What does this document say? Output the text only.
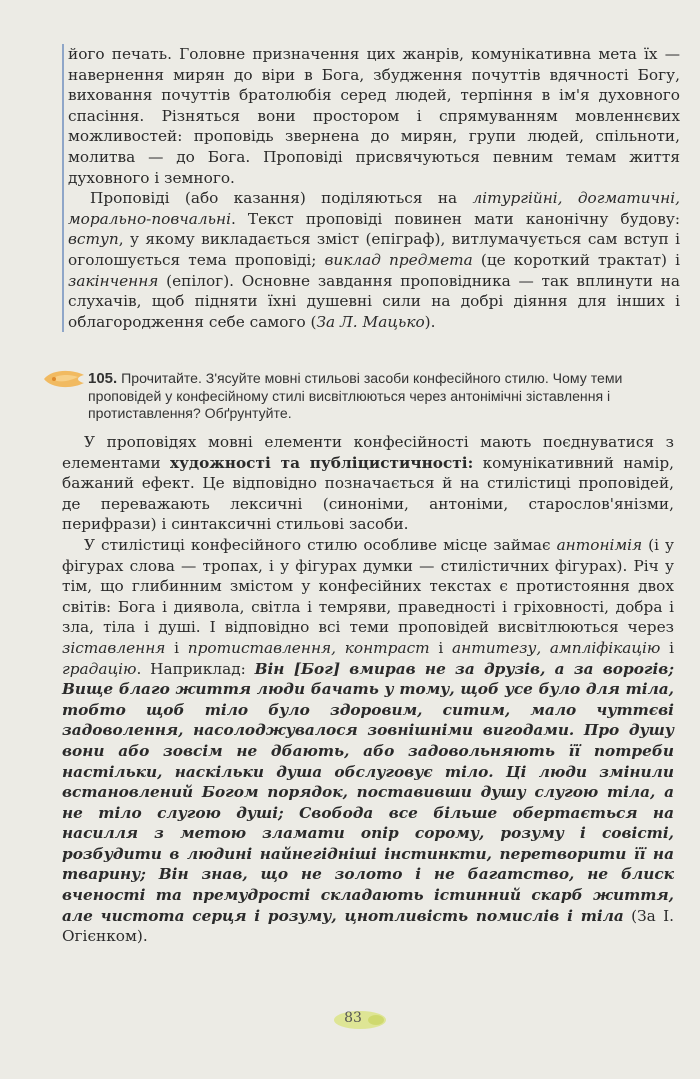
його печать. Головне призначення цих жанрів, комунікативна мета їх — навернення мирян до віри в Бога, збудження почуттів вдячності Богу, виховання почуттів братолюбія серед людей, терпіння в ім'я духовного спасіння. Різняться вони простором і спрямуванням мовленнєвих можливостей: проповідь звернена до мирян, групи людей, спільноти, молитва — до Бога. Проповіді присвячуються певним темам життя духовного і земного.

Проповіді (або казання) поділяються на літургійні, догматичні, морально-повчальні. Текст проповіді повинен мати канонічну будову: вступ, у якому викладається зміст (епіграф), витлумачується сам вступ і оголошується тема проповіді; виклад предмета (це короткий трактат) і закінчення (епілог). Основне завдання проповідника — так вплинути на слухачів, щоб підняти їхні душевні сили на добрі діяння для інших і облагородження себе самого (За Л. Мацько).

105. Прочитайте. З'ясуйте мовні стильові засоби конфесійного стилю. Чому теми проповідей у конфесійному стилі висвітлюються через антонімічні зіставлення і протиставлення? Обґрунтуйте.

У проповідях мовні елементи конфесійності мають поєднуватися з елементами художності та публіцистичності: комунікативний намір, бажаний ефект. Це відповідно позначається й на стилістиці проповідей, де переважають лексичні (синоніми, антоніми, старослов'янізми, перифрази) і синтаксичні стильові засоби.

У стилістиці конфесійного стилю особливе місце займає антонімія (і у фігурах слова — тропах, і у фігурах думки — стилістичних фігурах). Річ у тім, що глибинним змістом у конфесійних текстах є протистояння двох світів: Бога і диявола, світла і темряви, праведності і гріховності, добра і зла, тіла і душі. І відповідно всі теми проповідей висвітлюються через зіставлення і протиставлення, контраст і антитезу, ампліфікацію і градацію. Наприклад: Він [Бог] вмирав не за друзів, а за ворогів; Вище благо життя люди бачать у тому, щоб усе було для тіла, тобто щоб тіло було здоровим, ситим, мало чуттєві задоволення, насолоджувалося зовнішніми вигодами. Про душу вони або зовсім не дбають, або задовольняють її потреби настільки, наскільки душа обслуговує тіло. Ці люди змінили встановлений Богом порядок, поставивши душу слугою тіла, а не тіло слугою душі; Свобода все більше обертається на насилля з метою зламати опір сорому, розуму і совісті, розбудити в людині найнегідніші інстинкти, перетворити її на тварину; Він знав, що не золото і не багатство, не блиск вченості та премудрості складають істинний скарб життя, але чистота серця і розуму, цнотливість помислів і тіла (За І. Огієнком).

83
